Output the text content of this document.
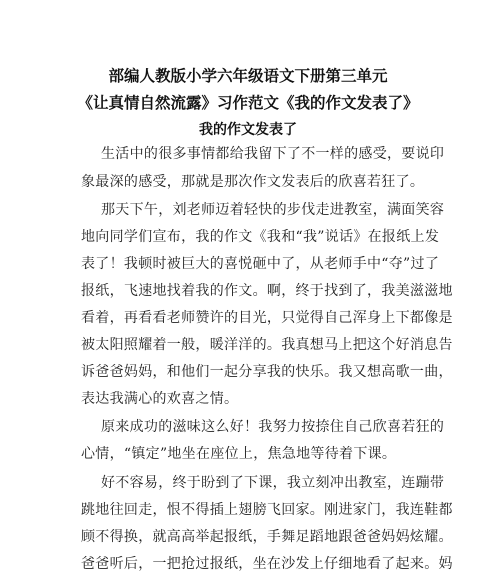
部编人教版小学六年级语文下册第三单元
《让真情自然流露》习作范文《我的作文发表了》
我的作文发表了
生活中的很多事情都给我留下了不一样的感受，要说印
象最深的感受，那就是那次作文发表后的欣喜若狂了。
那天下午，刘老师迈着轻快的步伐走进教室，满面笑容
地向同学们宣布，我的作文《我和“我”说话》在报纸上发
表了！我顿时被巨大的喜悦砸中了，从老师手中“夺”过了
报纸，飞速地找着我的作文。啊，终于找到了，我美滋滋地
看着，再看看老师赞许的目光，只觉得自己浑身上下都像是
被太阳照耀着一般，暖洋洋的。我真想马上把这个好消息告
诉爸爸妈妈，和他们一起分享我的快乐。我又想高歌一曲，
表达我满心的欢喜之情。
原来成功的滋味这么好！我努力按捺住自己欣喜若狂的
心情，“镇定”地坐在座位上，焦急地等待着下课。
好不容易，终于盼到了下课，我立刻冲出教室，连蹦带
跳地往回走，恨不得插上翅膀飞回家。刚进家门，我连鞋都
顾不得换，就高高举起报纸，手舞足蹈地跟爸爸妈妈炫耀。
爸爸听后，一把抢过报纸，坐在沙发上仔细地看了起来。妈
